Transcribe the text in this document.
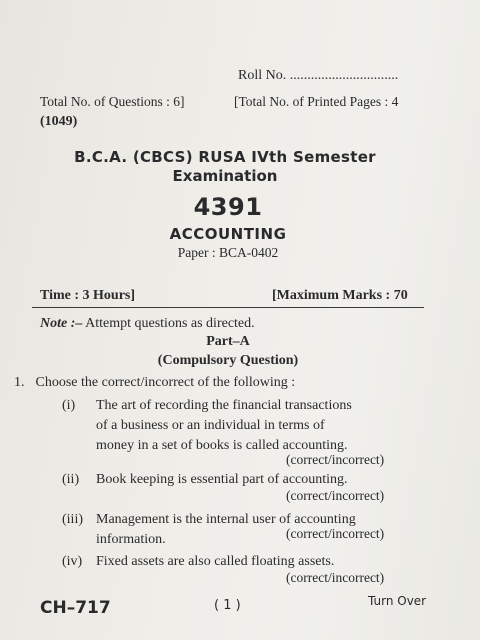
Roll No. ...............................
Total No. of Questions : 6]	[Total No. of Printed Pages : 4
(1049)
B.C.A. (CBCS) RUSA IVth Semester
Examination
4391
ACCOUNTING
Paper : BCA-0402
Time : 3 Hours]	[Maximum Marks : 70
Note :– Attempt questions as directed.
Part–A
(Compulsory Question)
1. Choose the correct/incorrect of the following :
(i) The art of recording the financial transactions
of a business or an individual in terms of
money in a set of books is called accounting.
(correct/incorrect)
(ii) Book keeping is essential part of accounting.
(correct/incorrect)
(iii) Management is the internal user of accounting
information.	(correct/incorrect)
(iv) Fixed assets are also called floating assets.
(correct/incorrect)
CH–717	( 1 )	Turn Over
